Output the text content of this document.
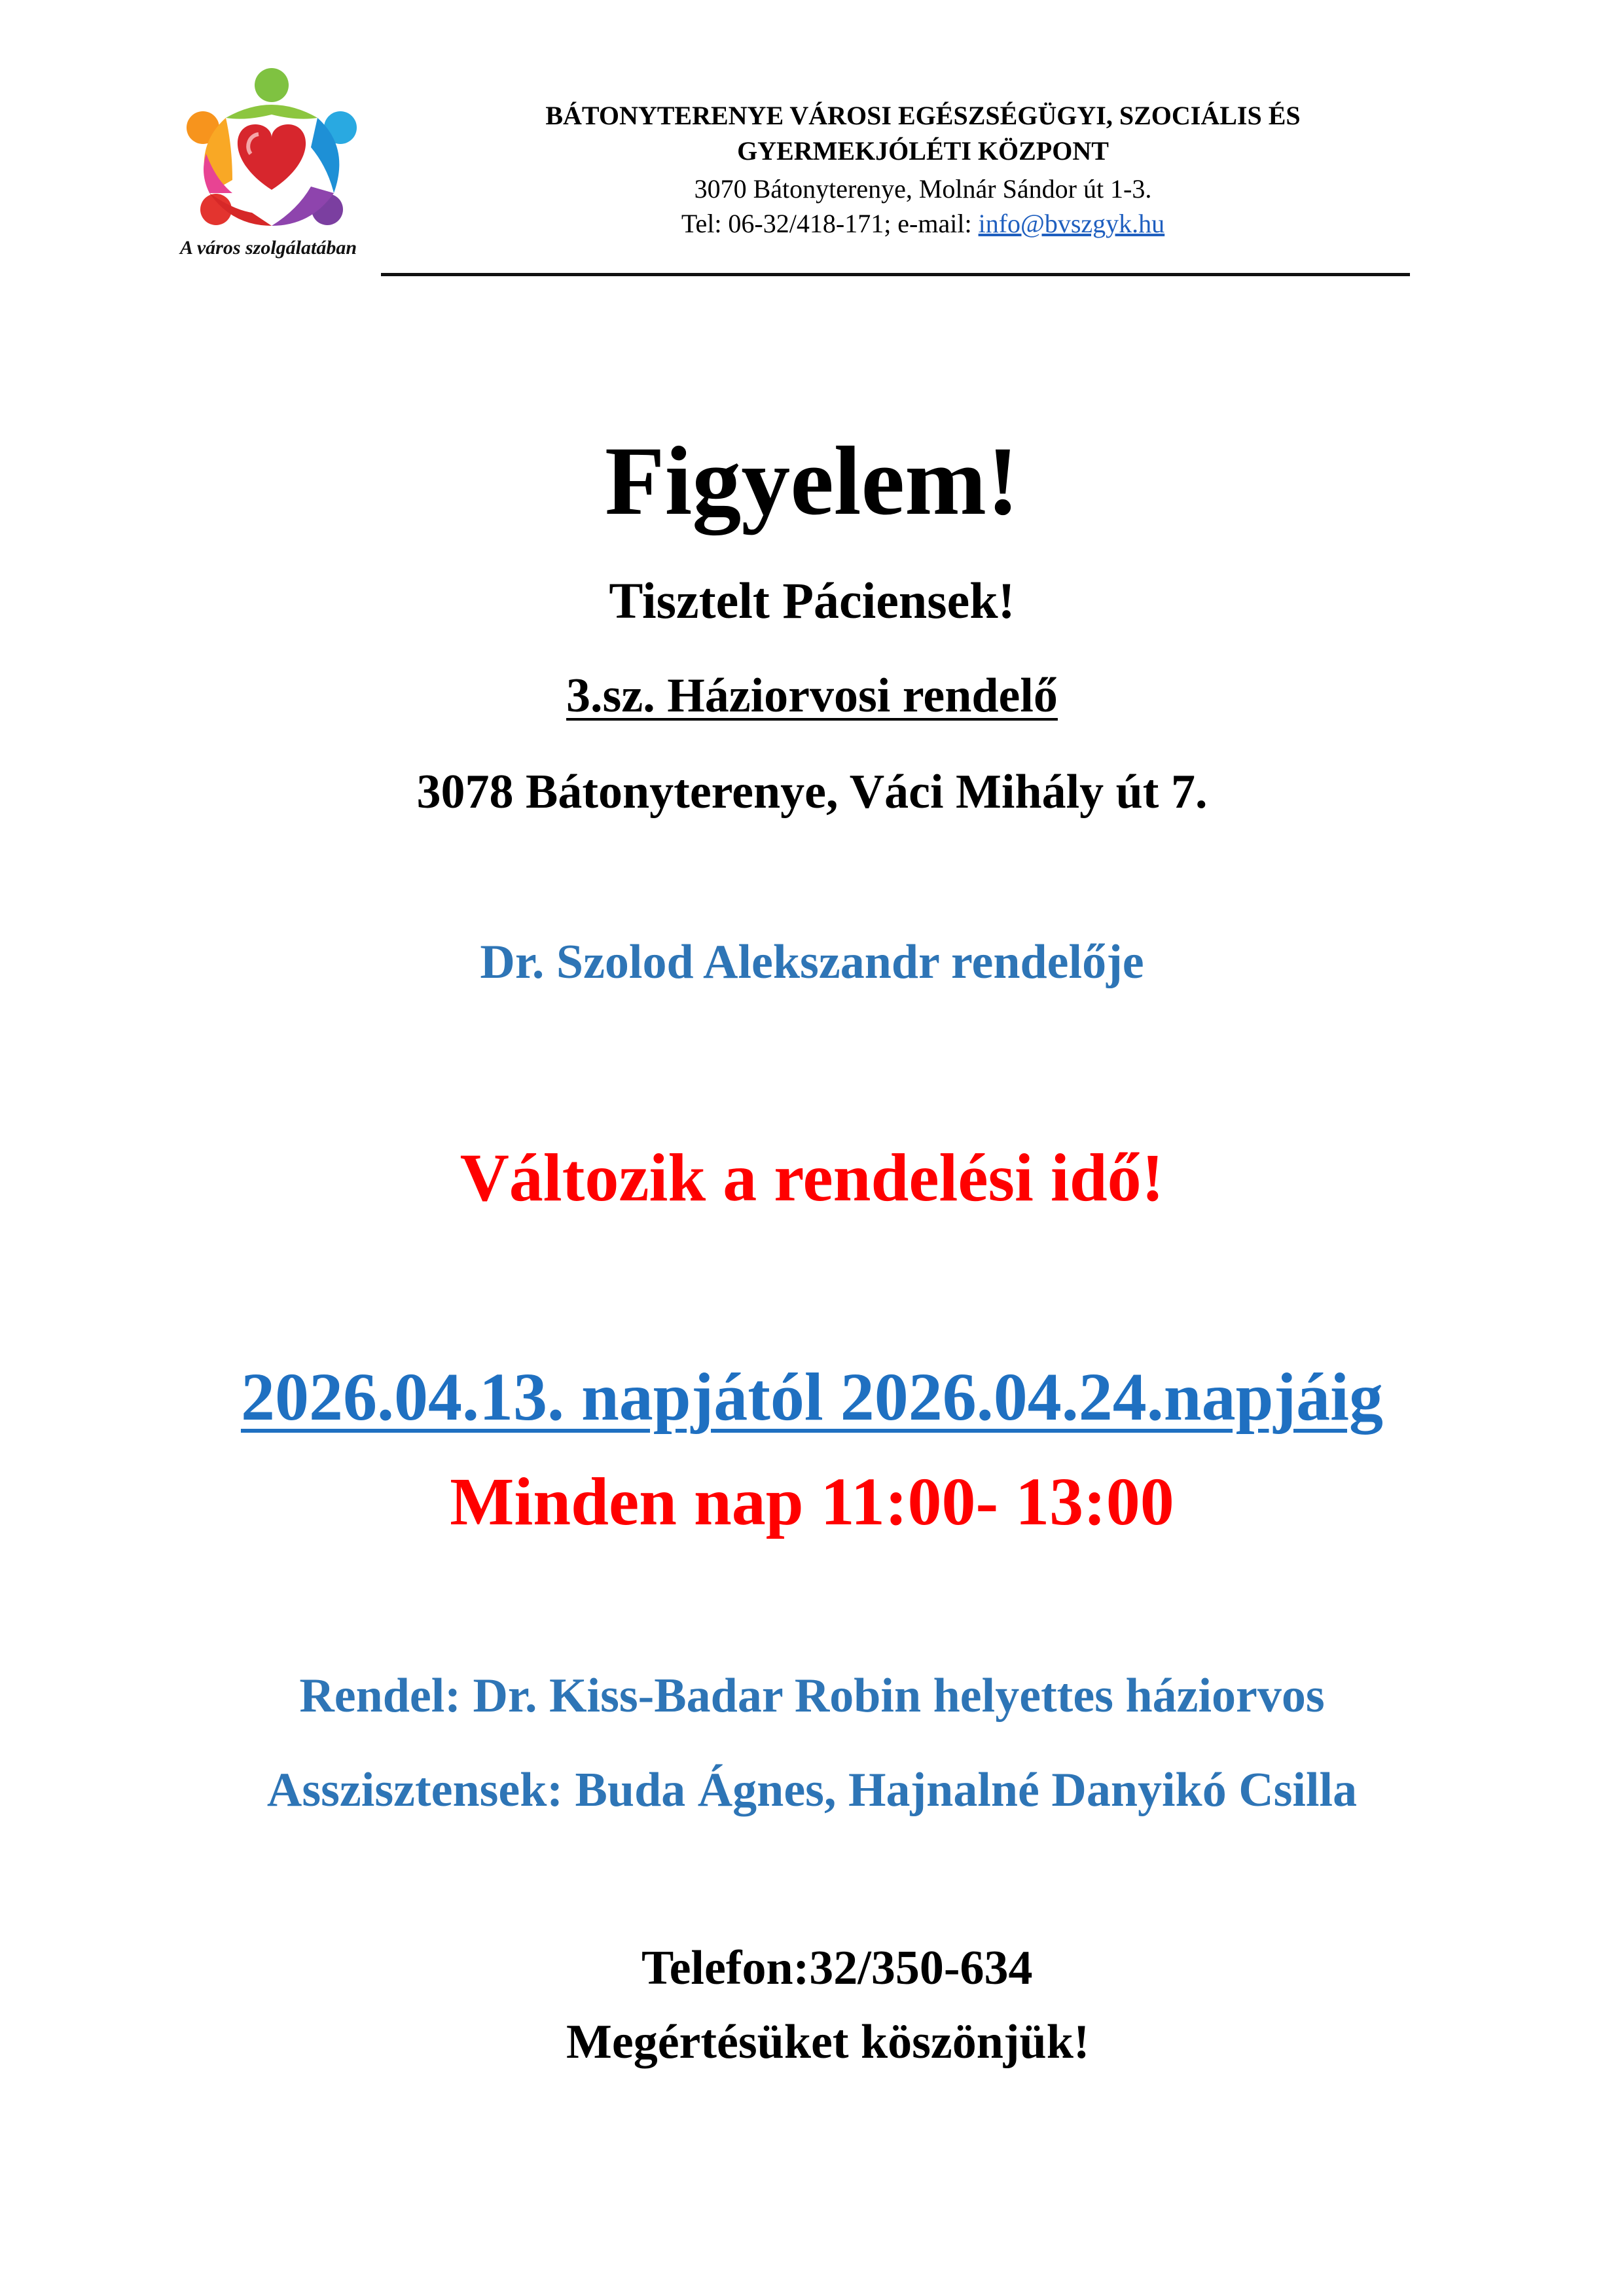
A város szolgálatában
BÁTONYTERENYE VÁROSI EGÉSZSÉGÜGYI, SZOCIÁLIS ÉS
GYERMEKJÓLÉTI KÖZPONT
3070 Bátonyterenye, Molnár Sándor út 1-3.
Tel: 06-32/418-171; e-mail: info@bvszgyk.hu
Figyelem!
Tisztelt Páciensek!
3.sz. Háziorvosi rendelő
3078 Bátonyterenye, Váci Mihály út 7.
Dr. Szolod Alekszandr rendelője
Változik a rendelési idő!
2026.04.13. napjától 2026.04.24.napjáig
Minden nap 11:00- 13:00
Rendel: Dr. Kiss-Badar Robin helyettes háziorvos
Asszisztensek: Buda Ágnes, Hajnalné Danyikó Csilla
Telefon:32/350-634
Megértésüket köszönjük!
